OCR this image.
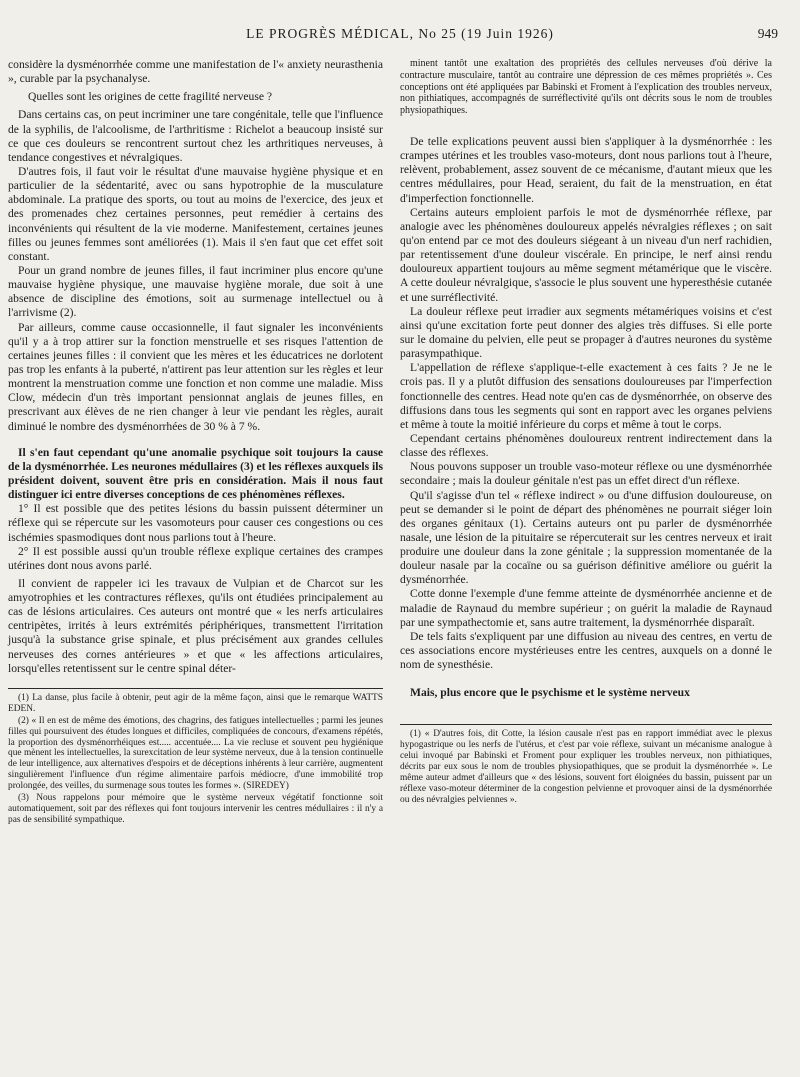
LE PROGRÈS MÉDICAL, No 25 (19 Juin 1926)	949

considère la dysménorrhée comme une manifestation de l'« anxiety neurasthenia », curable par la psychanalyse.

Quelles sont les origines de cette fragilité nerveuse ?

Dans certains cas, on peut incriminer une tare congénitale, telle que l'influence de la syphilis, de l'alcoolisme, de l'arthritisme : Richelot a beaucoup insisté sur ce que ces douleurs se rencontrent surtout chez les arthritiques nerveuses, à tendance congestives et névralgiques.

D'autres fois, il faut voir le résultat d'une mauvaise hygiène physique et en particulier de la sédentarité, avec ou sans hypotrophie de la musculature abdominale. La pratique des sports, ou tout au moins de l'exercice, des jeux et des promenades chez certaines personnes, peut remédier à certains des inconvénients qui résultent de la vie moderne. Manifestement, certaines jeunes filles ou jeunes femmes sont améliorées (1). Mais il s'en faut que cet effet soit constant.

Pour un grand nombre de jeunes filles, il faut incriminer plus encore qu'une mauvaise hygiène physique, une mauvaise hygiène morale, due soit à une absence de discipline des émotions, soit au surmenage intellectuel ou à l'arrivisme (2).

Par ailleurs, comme cause occasionnelle, il faut signaler les inconvénients qu'il y a à trop attirer sur la fonction menstruelle et ses risques l'attention de certaines jeunes filles : il convient que les mères et les éducatrices ne dorlotent pas trop les enfants à la puberté, n'attirent pas leur attention sur les règles et leur montrent la menstruation comme une fonction et non comme une maladie. Miss Clow, médecin d'un très important pensionnat anglais de jeunes filles, en prescrivant aux élèves de ne rien changer à leur vie pendant les règles, aurait diminué le nombre des dysménorrhées de 30 % à 7 %.

Il s'en faut cependant qu'une anomalie psychique soit toujours la cause de la dysménorrhée. Les neurones médullaires (3) et les réflexes auxquels ils président doivent, souvent être pris en considération. Mais il nous faut distinguer ici entre diverses conceptions de ces phénomènes réflexes.

1° Il est possible que des petites lésions du bassin puissent déterminer un réflexe qui se répercute sur les vasomoteurs pour causer ces congestions ou ces ischémies spasmodiques dont nous parlions tout à l'heure.

2° Il est possible aussi qu'un trouble réflexe explique certaines des crampes utérines dont nous avons parlé.

Il convient de rappeler ici les travaux de Vulpian et de Charcot sur les amyotrophies et les contractures réflexes, qu'ils ont étudiées principalement au cas de lésions articulaires. Ces auteurs ont montré que « les nerfs articulaires centripètes, irrités à leurs extrémités périphériques, transmettent l'irritation jusqu'à la substance grise spinale, et plus précisément aux grandes cellules nerveuses des cornes antérieures » et que « les affections articulaires, lorsqu'elles retentissent sur le centre spinal déter-

(1) La danse, plus facile à obtenir, peut agir de la même façon, ainsi que le remarque WATTS EDEN.

(2) « Il en est de même des émotions, des chagrins, des fatigues intellectuelles ; parmi les jeunes filles qui poursuivent des études longues et difficiles, compliquées de concours, d'examens répétés, la proportion des dysménorrhéiques est..... accentuée.... La vie recluse et souvent peu hygiénique que mènent les intellectuelles, la surexcitation de leur système nerveux, due à la tension continuelle de leur intelligence, aux alternatives d'espoirs et de déceptions inhérents à leur carrière, augmentent singulièrement l'influence d'un régime alimentaire parfois médiocre, d'une immobilité trop prolongée, des veilles, du surmenage sous toutes les formes ». (SIREDEY)

(3) Nous rappelons pour mémoire que le système nerveux végétatif fonctionne soit automatiquement, soit par des réflexes qui font toujours intervenir les centres médullaires : il n'y a pas de sensibilité sympathique.

minent tantôt une exaltation des propriétés des cellules nerveuses d'où dérive la contracture musculaire, tantôt au contraire une dépression de ces mêmes propriétés ». Ces conceptions ont été appliquées par Babinski et Froment à l'explication des troubles nerveux, non pithiatiques, accompagnés de surréflectivité qu'ils ont décrits sous le nom de troubles physiopathiques.

De telle explications peuvent aussi bien s'appliquer à la dysménorrhée : les crampes utérines et les troubles vaso-moteurs, dont nous parlions tout à l'heure, relèvent, probablement, assez souvent de ce mécanisme, d'autant mieux que les centres médullaires, pour Head, seraient, du fait de la menstruation, en état d'imperfection fonctionnelle.

Certains auteurs emploient parfois le mot de dysménorrhée réflexe, par analogie avec les phénomènes douloureux appelés névralgies réflexes ; on sait qu'on entend par ce mot des douleurs siégeant à un niveau d'un nerf rachidien, par retentissement d'une douleur viscérale. En principe, le nerf ainsi rendu douloureux appartient toujours au même segment métamérique que le viscère. A cette douleur névralgique, s'associe le plus souvent une hyperesthésie cutanée et une surréflectivité.

La douleur réflexe peut irradier aux segments métamériques voisins et c'est ainsi qu'une excitation forte peut donner des algies très diffuses. Si elle porte sur le domaine du pelvien, elle peut se propager à d'autres neurones du système parasympathique.

L'appellation de réflexe s'applique-t-elle exactement à ces faits ? Je ne le crois pas. Il y a plutôt diffusion des sensations douloureuses par l'imperfection fonctionnelle des centres. Head note qu'en cas de dysménorrhée, on observe des diffusions dans tous les segments qui sont en rapport avec les organes pelviens et même à toute la moitié inférieure du corps et même à tout le corps.

Cependant certains phénomènes douloureux rentrent indirectement dans la classe des réflexes.

Nous pouvons supposer un trouble vaso-moteur réflexe ou une dysménorrhée secondaire ; mais la douleur génitale n'est pas un effet direct d'un réflexe.

Qu'il s'agisse d'un tel « réflexe indirect » ou d'une diffusion douloureuse, on peut se demander si le point de départ des phénomènes ne pourrait siéger loin des organes génitaux (1). Certains auteurs ont pu parler de dysménorrhée nasale, une lésion de la pituitaire se répercuterait sur les centres nerveux et irait produire une douleur dans la zone génitale ; la suppression momentanée de la douleur nasale par la cocaïne ou sa guérison définitive améliore ou guérit la dysménorrhée.

Cotte donne l'exemple d'une femme atteinte de dysménorrhée ancienne et de maladie de Raynaud du membre supérieur ; on guérit la maladie de Raynaud par une sympathectomie et, sans autre traitement, la dysménorrhée disparaît.

De tels faits s'expliquent par une diffusion au niveau des centres, en vertu de ces associations encore mystérieuses entre les centres, auxquels on a donné le nom de synesthésie.

Mais, plus encore que le psychisme et le système nerveux

(1) « D'autres fois, dit Cotte, la lésion causale n'est pas en rapport immédiat avec le plexus hypogastrique ou les nerfs de l'utérus, et c'est par voie réflexe, suivant un mécanisme analogue à celui invoqué par Babinski et Froment pour expliquer les troubles nerveux, non pithiatiques, décrits par eux sous le nom de troubles physiopathiques, que se produit la dysménorrhée ». Le même auteur admet d'ailleurs que « des lésions, souvent fort éloignées du bassin, puissent par un réflexe vaso-moteur déterminer de la congestion pelvienne et provoquer ainsi de la dysménorrhée ou des névralgies pelviennes ».
